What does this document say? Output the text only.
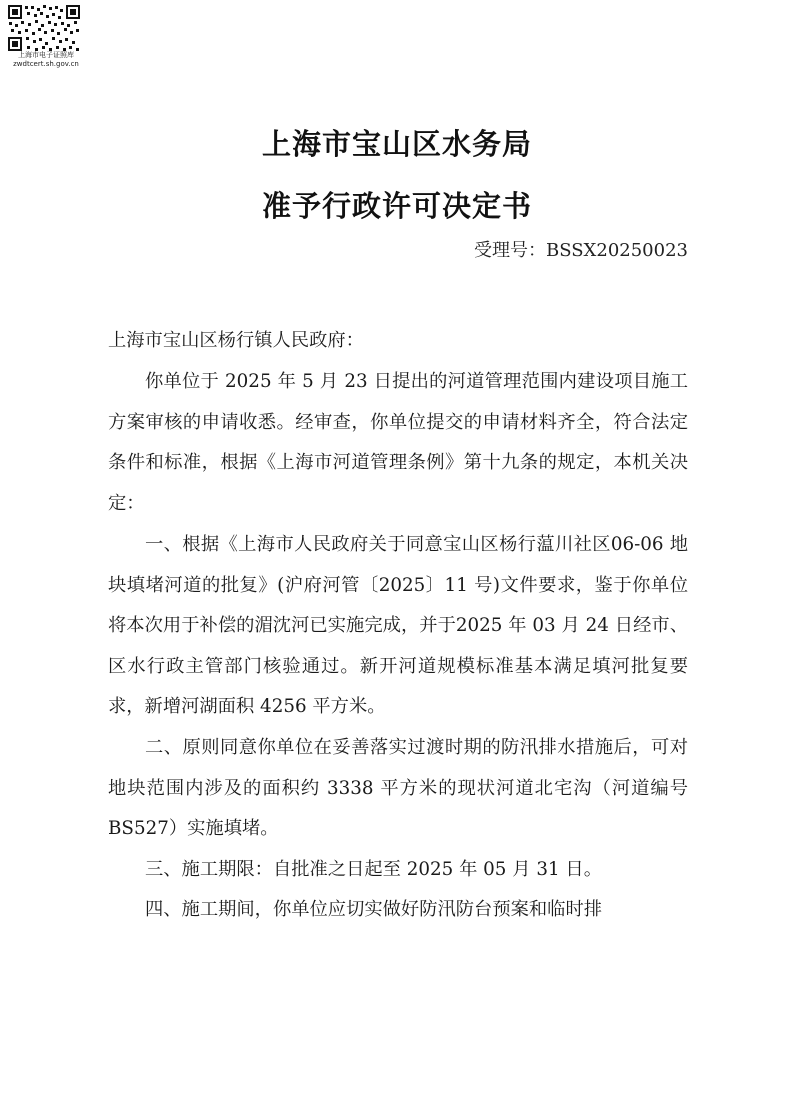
上海市电子证照库
zwdtcert.sh.gov.cn
上海市宝山区水务局
准予行政许可决定书
受理号：BSSX20250023

上海市宝山区杨行镇人民政府：

你单位于 2025 年 5 月 23 日提出的河道管理范围内建设项目施工方案审核的申请收悉。经审查，你单位提交的申请材料齐全，符合法定条件和标准，根据《上海市河道管理条例》第十九条的规定，本机关决定：

一、根据《上海市人民政府关于同意宝山区杨行蕰川社区06-06 地块填堵河道的批复》(沪府河管〔2025〕11 号)文件要求，鉴于你单位将本次用于补偿的湄沈河已实施完成，并于2025 年 03 月 24 日经市、区水行政主管部门核验通过。新开河道规模标准基本满足填河批复要求，新增河湖面积 4256 平方米。

二、原则同意你单位在妥善落实过渡时期的防汛排水措施后，可对地块范围内涉及的面积约 3338 平方米的现状河道北宅沟（河道编号 BS527）实施填堵。

三、施工期限：自批准之日起至 2025 年 05 月 31 日。

四、施工期间，你单位应切实做好防汛防台预案和临时排
